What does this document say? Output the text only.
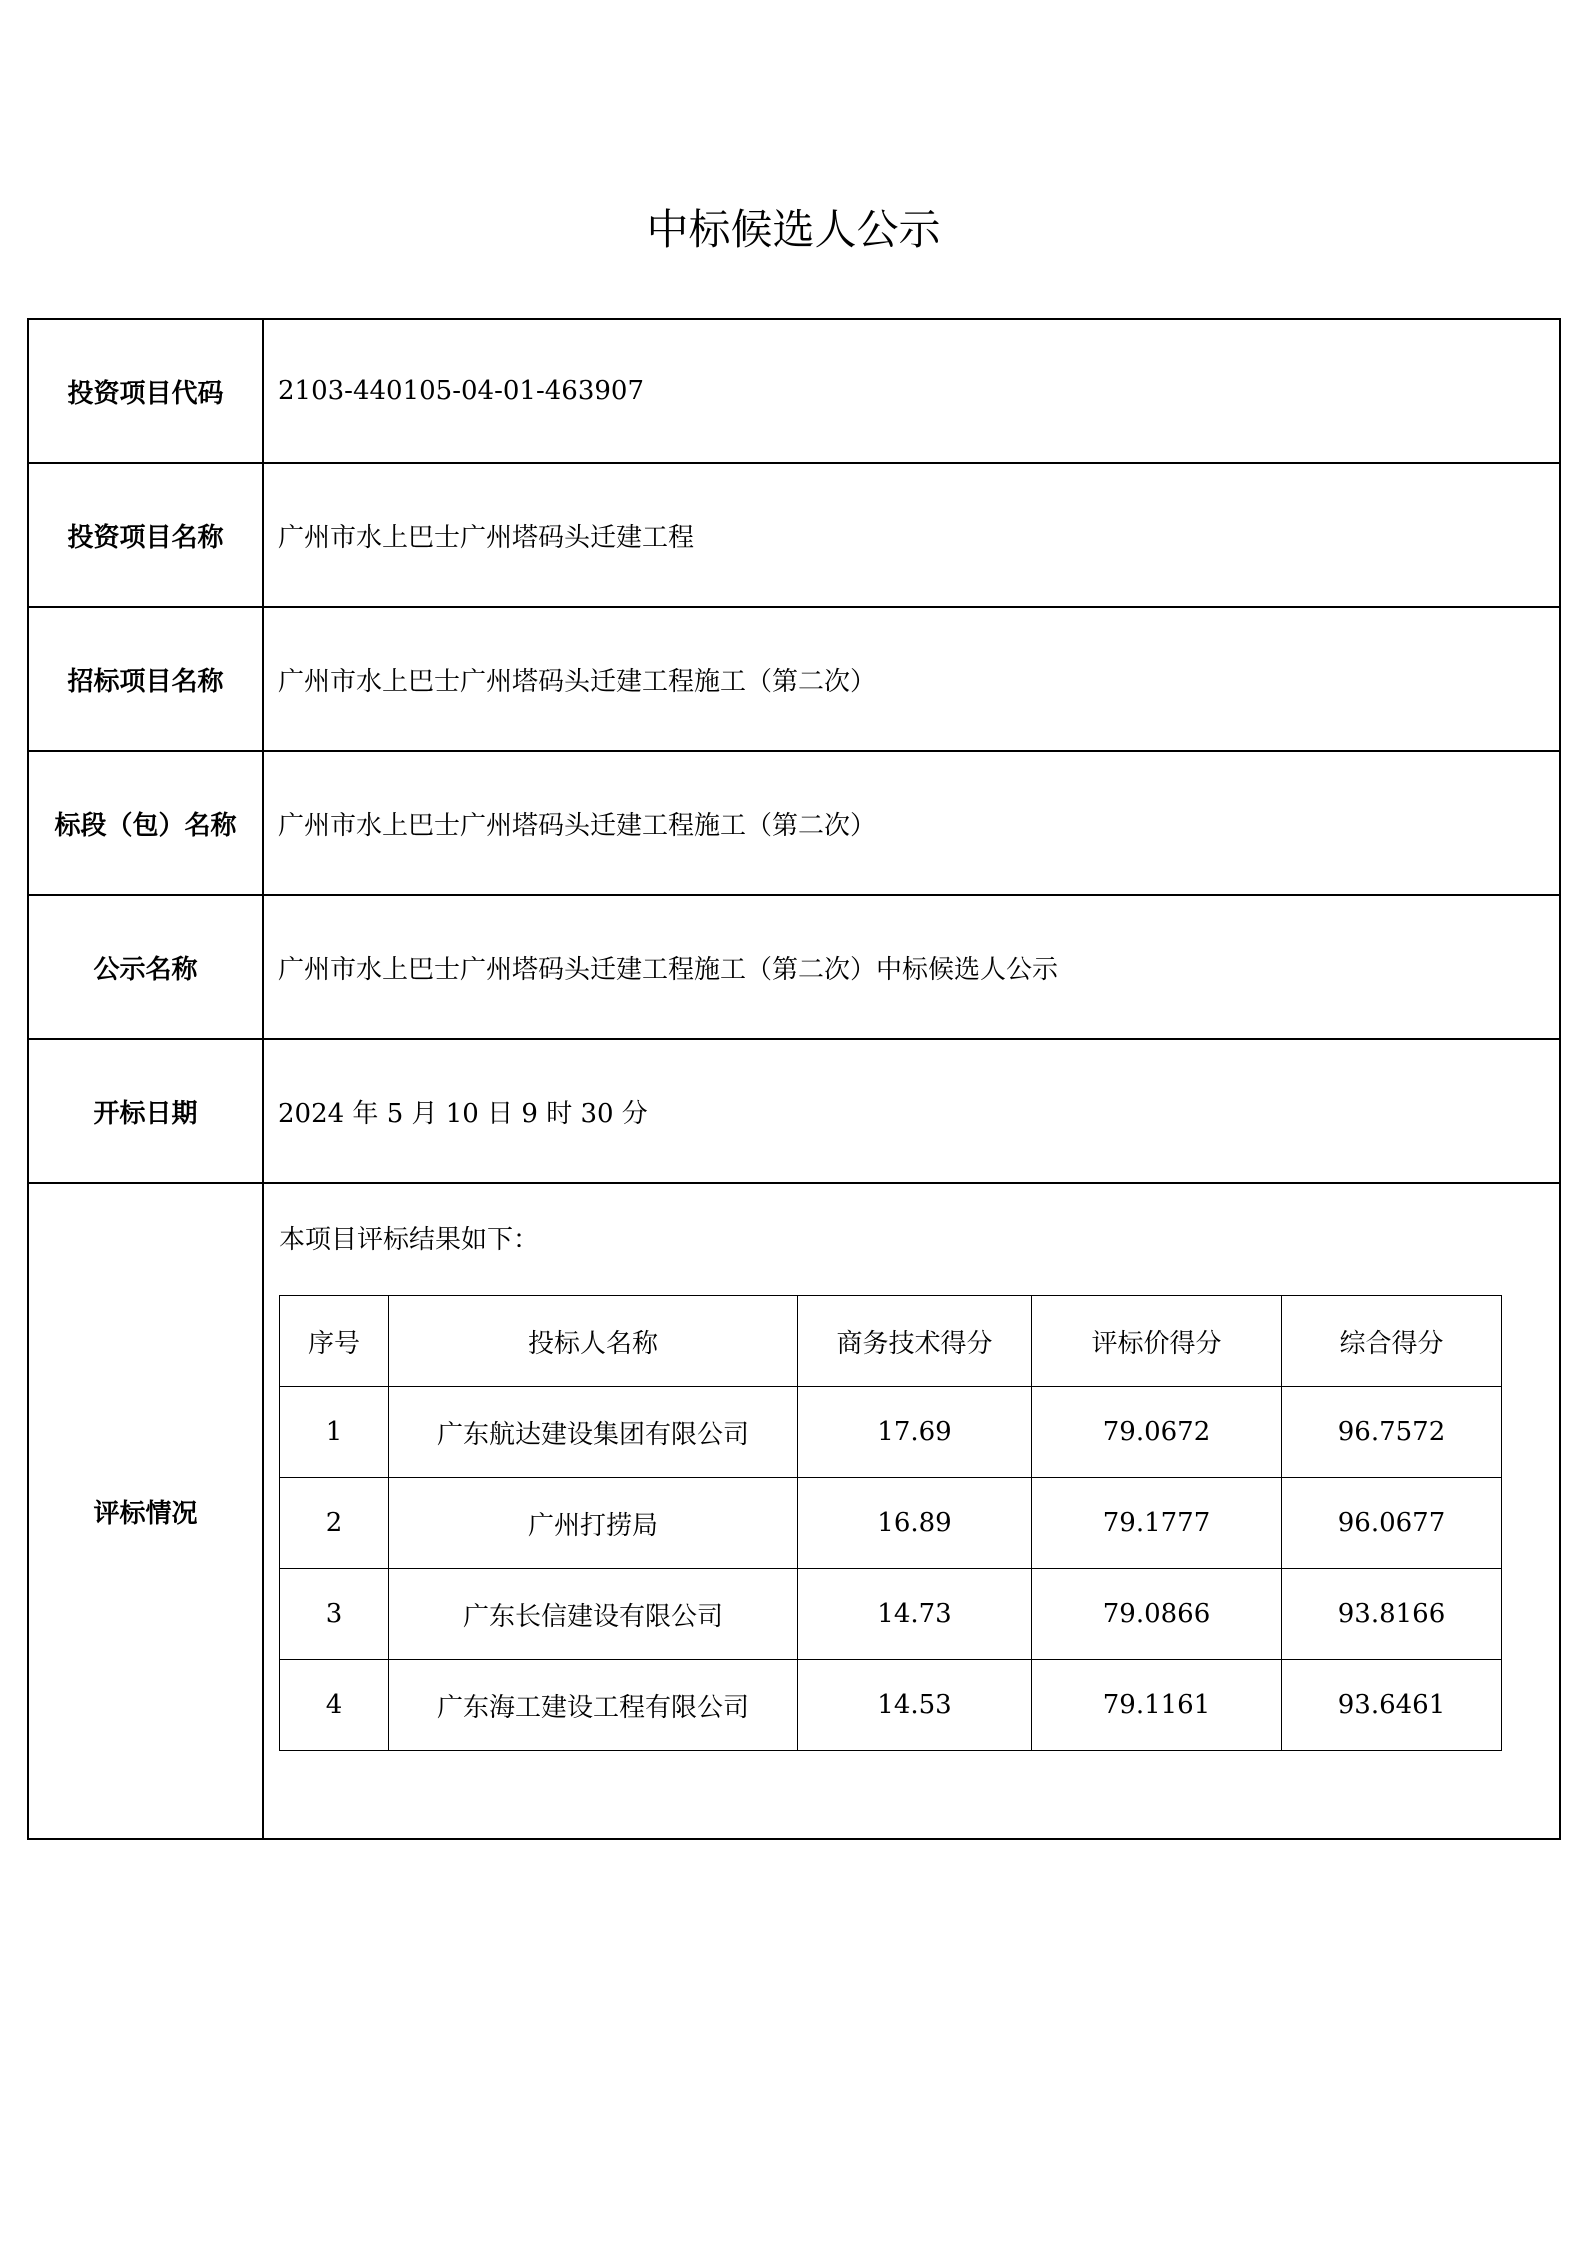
中标候选人公示
投资项目代码	2103-440105-04-01-463907
投资项目名称	广州市水上巴士广州塔码头迁建工程
招标项目名称	广州市水上巴士广州塔码头迁建工程施工（第二次）
标段（包）名称	广州市水上巴士广州塔码头迁建工程施工（第二次）
公示名称	广州市水上巴士广州塔码头迁建工程施工（第二次）中标候选人公示
开标日期	2024 年 5 月 10 日 9 时 30 分
评标情况	
本项目评标结果如下：
序号	投标人名称	商务技术得分	评标价得分	综合得分
1	广东航达建设集团有限公司	17.69	79.0672	96.7572
2	广州打捞局	16.89	79.1777	96.0677
3	广东长信建设有限公司	14.73	79.0866	93.8166
4	广东海工建设工程有限公司	14.53	79.1161	93.6461
